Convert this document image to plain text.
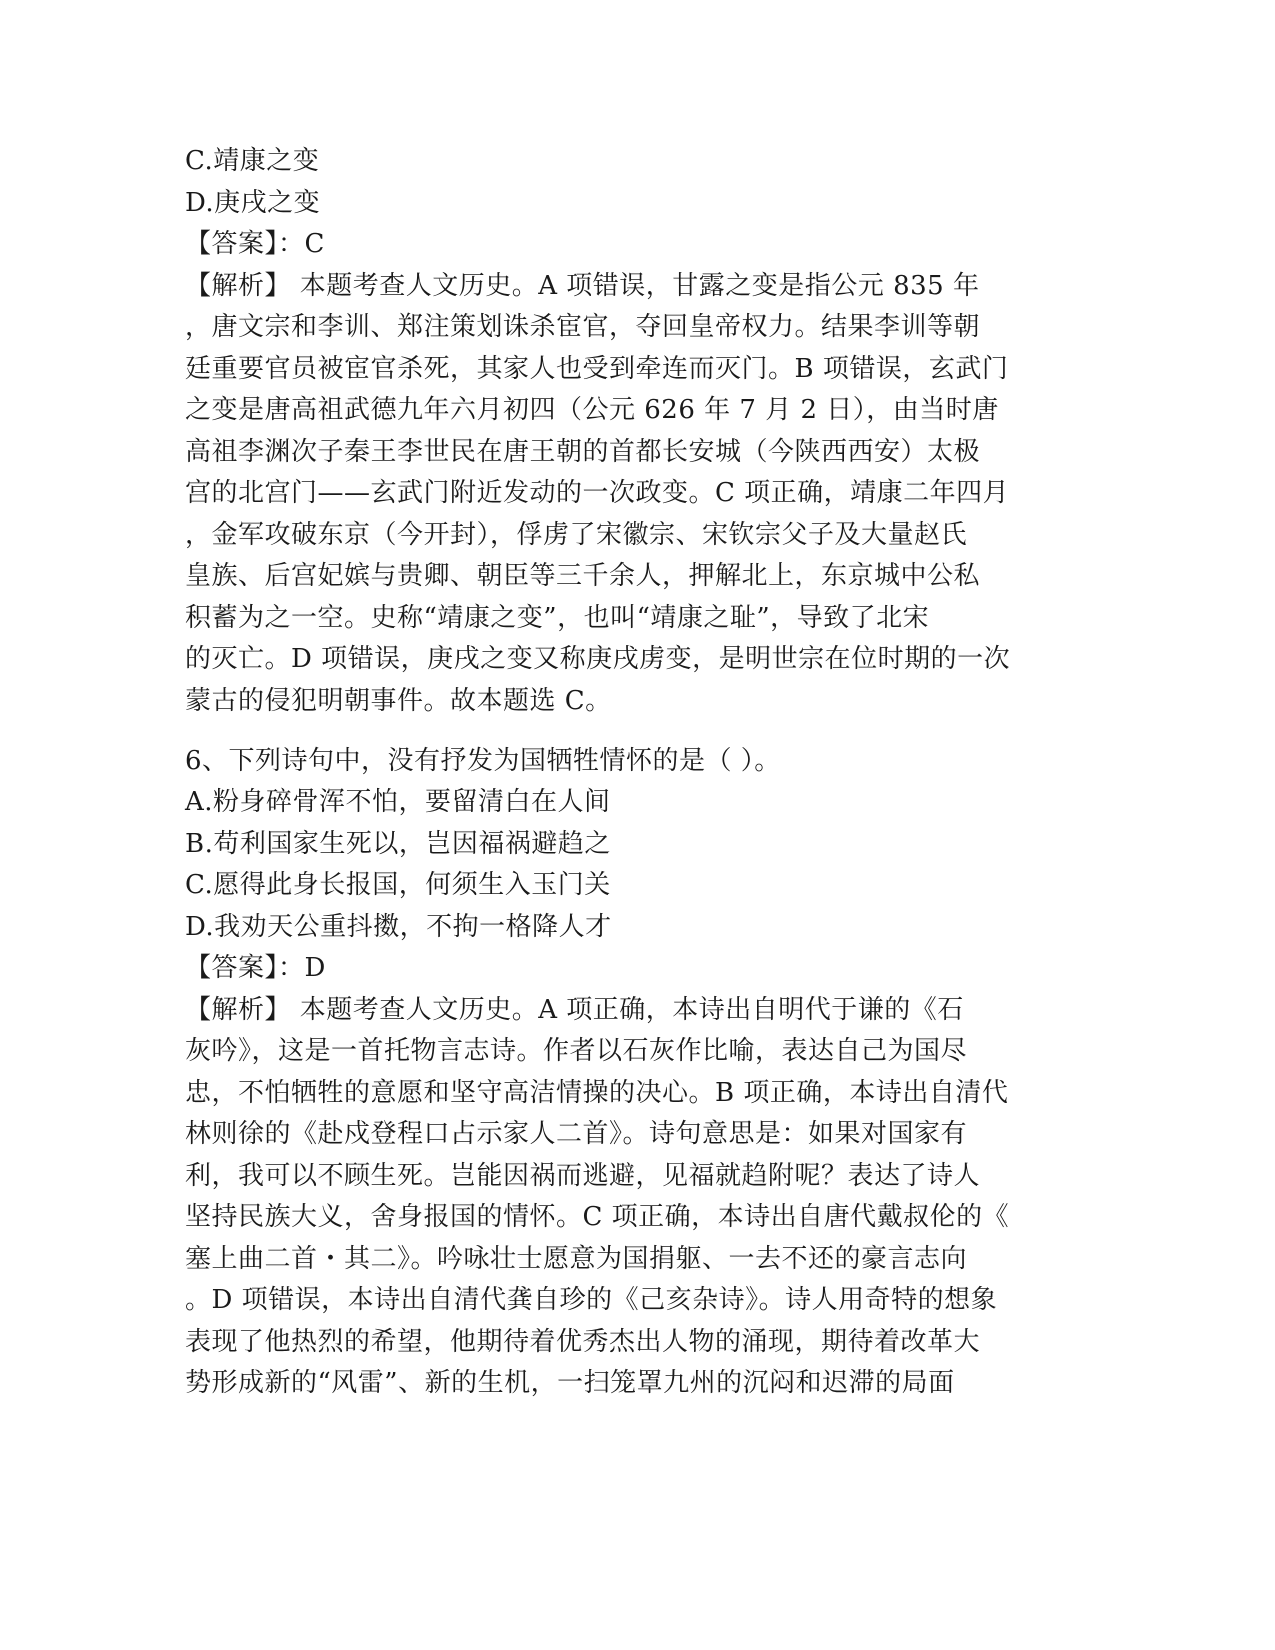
C.靖康之变
D.庚戌之变
【答案】：C
【解析】 本题考查人文历史。A 项错误，甘露之变是指公元 835 年
，唐文宗和李训、郑注策划诛杀宦官，夺回皇帝权力。结果李训等朝
廷重要官员被宦官杀死，其家人也受到牵连而灭门。B 项错误，玄武门
之变是唐高祖武德九年六月初四（公元 626 年 7 月 2 日），由当时唐
高祖李渊次子秦王李世民在唐王朝的首都长安城（今陕西西安）太极
宫的北宫门——玄武门附近发动的一次政变。C 项正确，靖康二年四月
，金军攻破东京（今开封），俘虏了宋徽宗、宋钦宗父子及大量赵氏
皇族、后宫妃嫔与贵卿、朝臣等三千余人，押解北上，东京城中公私
积蓄为之一空。史称“靖康之变”，也叫“靖康之耻”，导致了北宋
的灭亡。D 项错误，庚戌之变又称庚戌虏变，是明世宗在位时期的一次
蒙古的侵犯明朝事件。故本题选 C。
6、下列诗句中，没有抒发为国牺牲情怀的是（ ）。
A.粉身碎骨浑不怕，要留清白在人间
B.苟利国家生死以，岂因福祸避趋之
C.愿得此身长报国，何须生入玉门关
D.我劝天公重抖擞，不拘一格降人才
【答案】：D
【解析】 本题考查人文历史。A 项正确，本诗出自明代于谦的《石
灰吟》，这是一首托物言志诗。作者以石灰作比喻，表达自己为国尽
忠，不怕牺牲的意愿和坚守高洁情操的决心。B 项正确，本诗出自清代
林则徐的《赴戍登程口占示家人二首》。诗句意思是：如果对国家有
利，我可以不顾生死。岂能因祸而逃避，见福就趋附呢？表达了诗人
坚持民族大义，舍身报国的情怀。C 项正确，本诗出自唐代戴叔伦的《
塞上曲二首・其二》。吟咏壮士愿意为国捐躯、一去不还的豪言志向
。D 项错误，本诗出自清代龚自珍的《己亥杂诗》。诗人用奇特的想象
表现了他热烈的希望，他期待着优秀杰出人物的涌现，期待着改革大
势形成新的“风雷”、新的生机，一扫笼罩九州的沉闷和迟滞的局面
